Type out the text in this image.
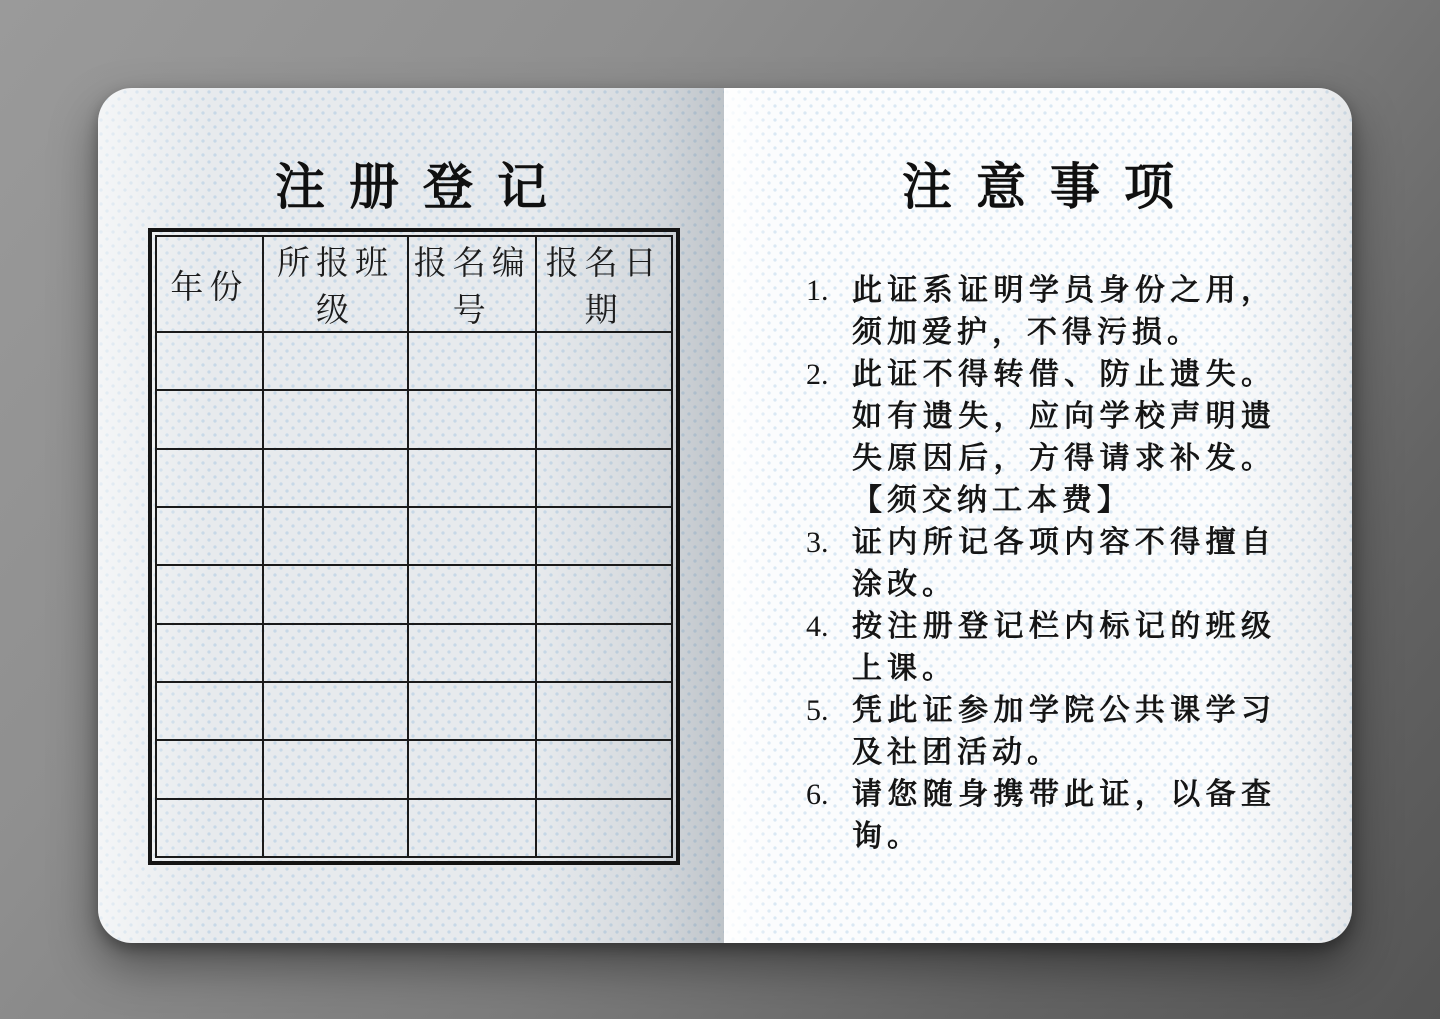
注册登记
年份	所报班级	报名编号	报名日期

注意事项
1. 此证系证明学员身份之用，须加爱护，不得污损。
2. 此证不得转借、防止遗失。如有遗失，应向学校声明遗失原因后，方得请求补发。【须交纳工本费】
3. 证内所记各项内容不得擅自涂改。
4. 按注册登记栏内标记的班级上课。
5. 凭此证参加学院公共课学习及社团活动。
6. 请您随身携带此证，以备查询。
